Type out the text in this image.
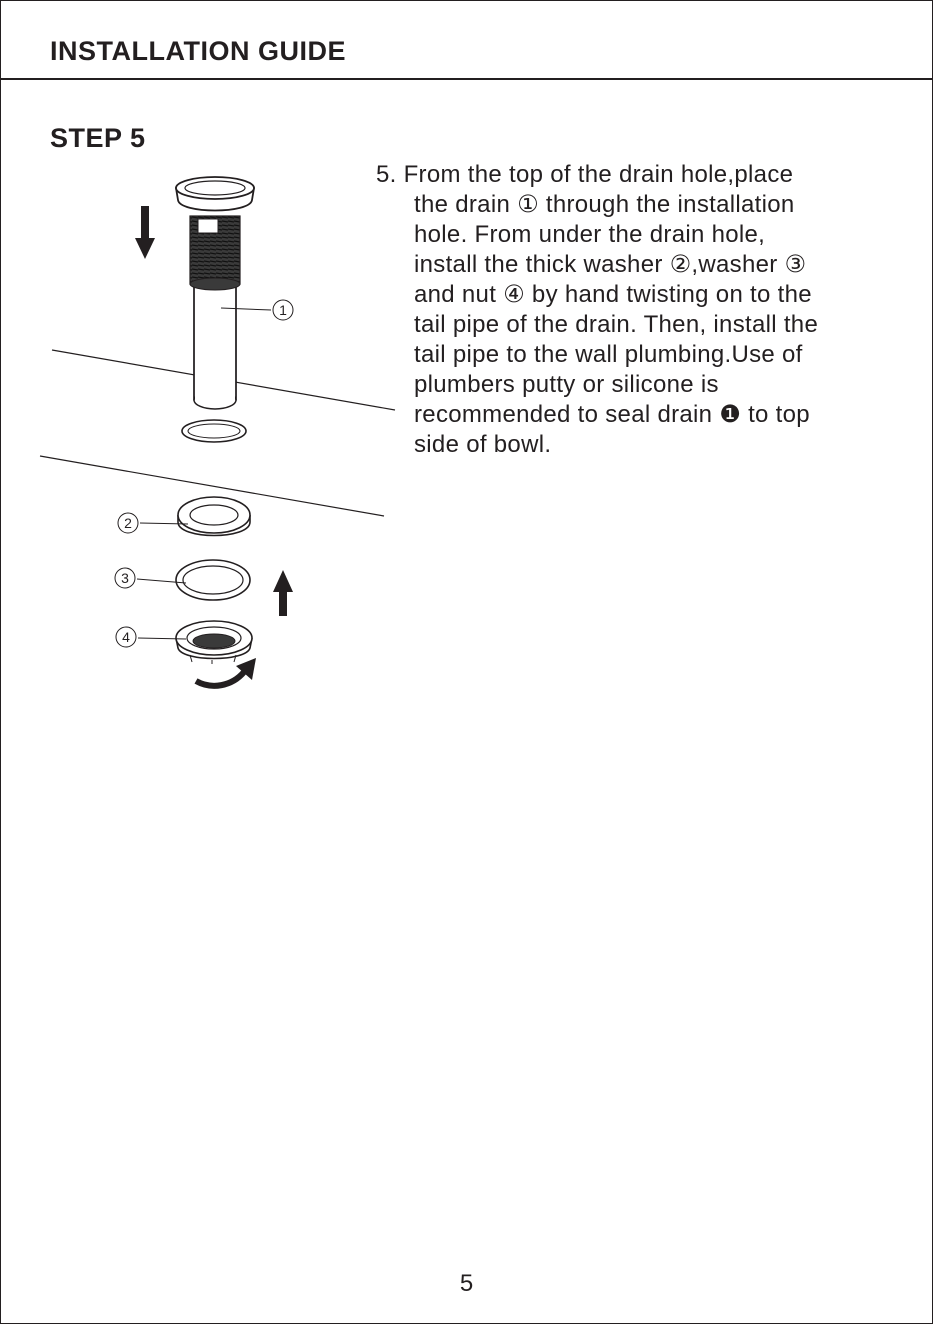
INSTALLATION GUIDE
STEP 5
5. From the top of the drain hole,place
the drain ① through the installation
hole. From under the drain hole,
install the thick washer ②,washer ③
and nut ④ by hand twisting on to the
tail pipe of the drain. Then, install the
tail pipe to the wall plumbing.Use of
plumbers putty or silicone is
recommended to seal drain ❶ to top
side of bowl.
1
2
3
4
5
